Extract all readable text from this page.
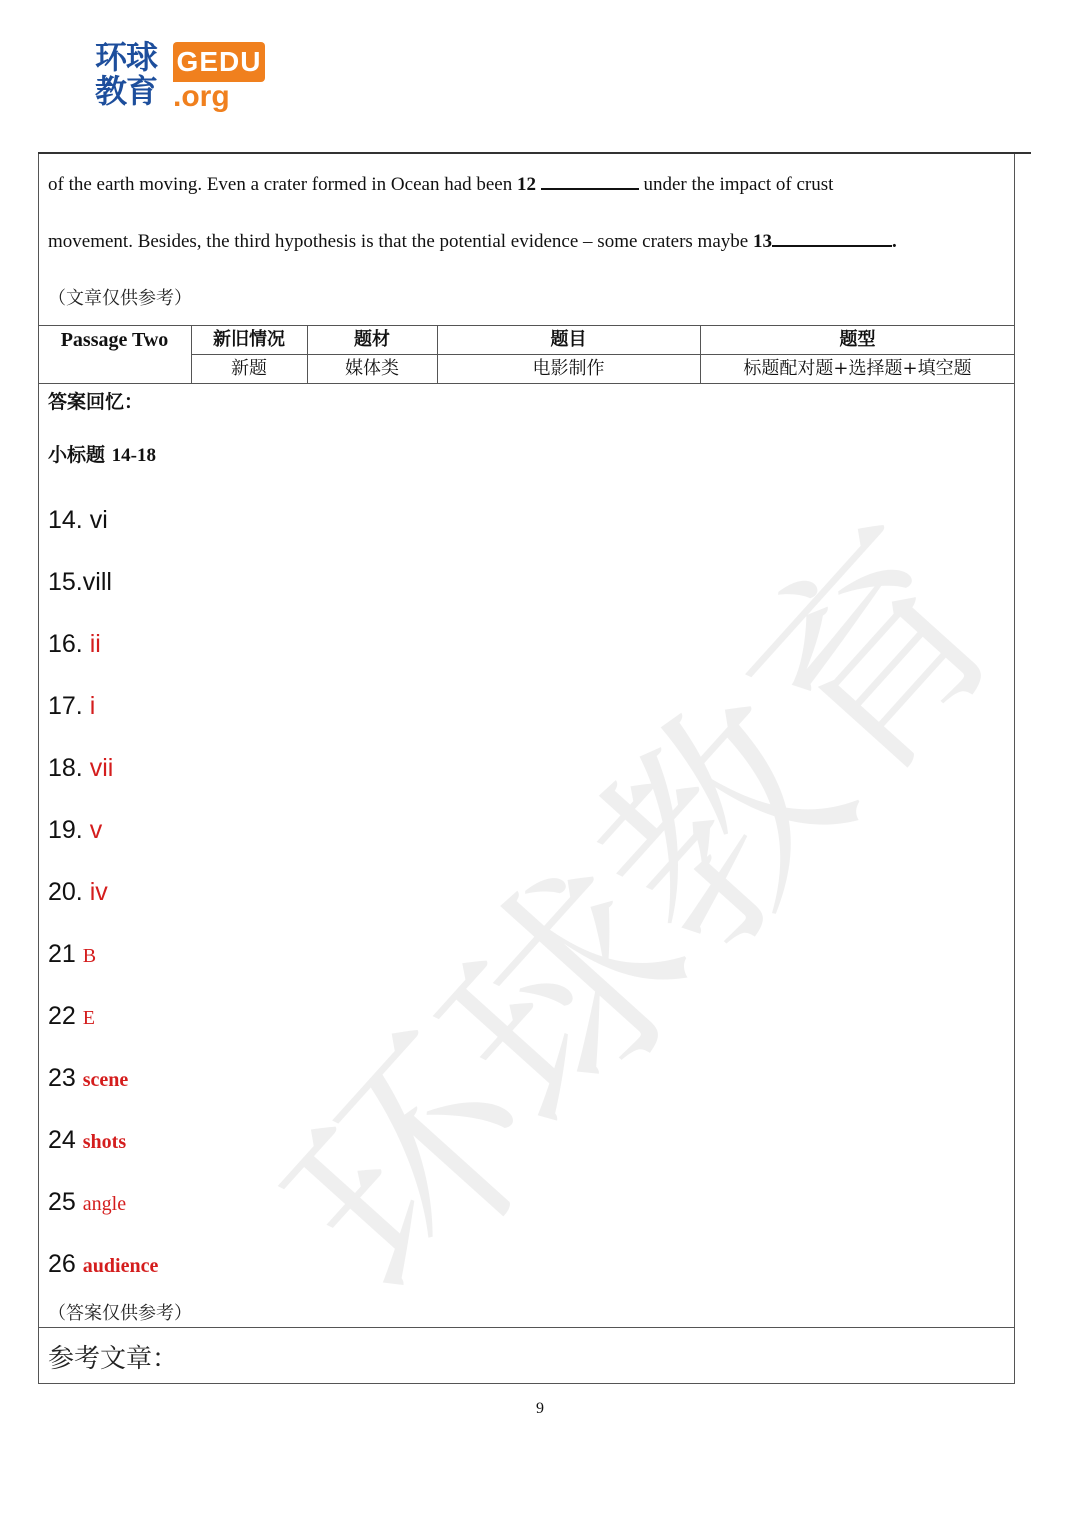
环球教育
环球
教育
GEDU
.org
of the earth moving. Even a crater formed in Ocean had been 12	under the impact of crust
movement. Besides, the third hypothesis is that the potential evidence – some craters maybe 13	.
（文章仅供参考）
Passage Two	新旧情况	题材	题目	题型
新题	媒体类	电影制作	标题配对题+选择题+填空题
答案回忆：
小标题 14-18
14. vi
15.vill
16. ii
17. i
18. vii
19. v
20. iv
21 B
22 E
23 scene
24 shots
25 angle
26 audience
（答案仅供参考）
参考文章：
9
